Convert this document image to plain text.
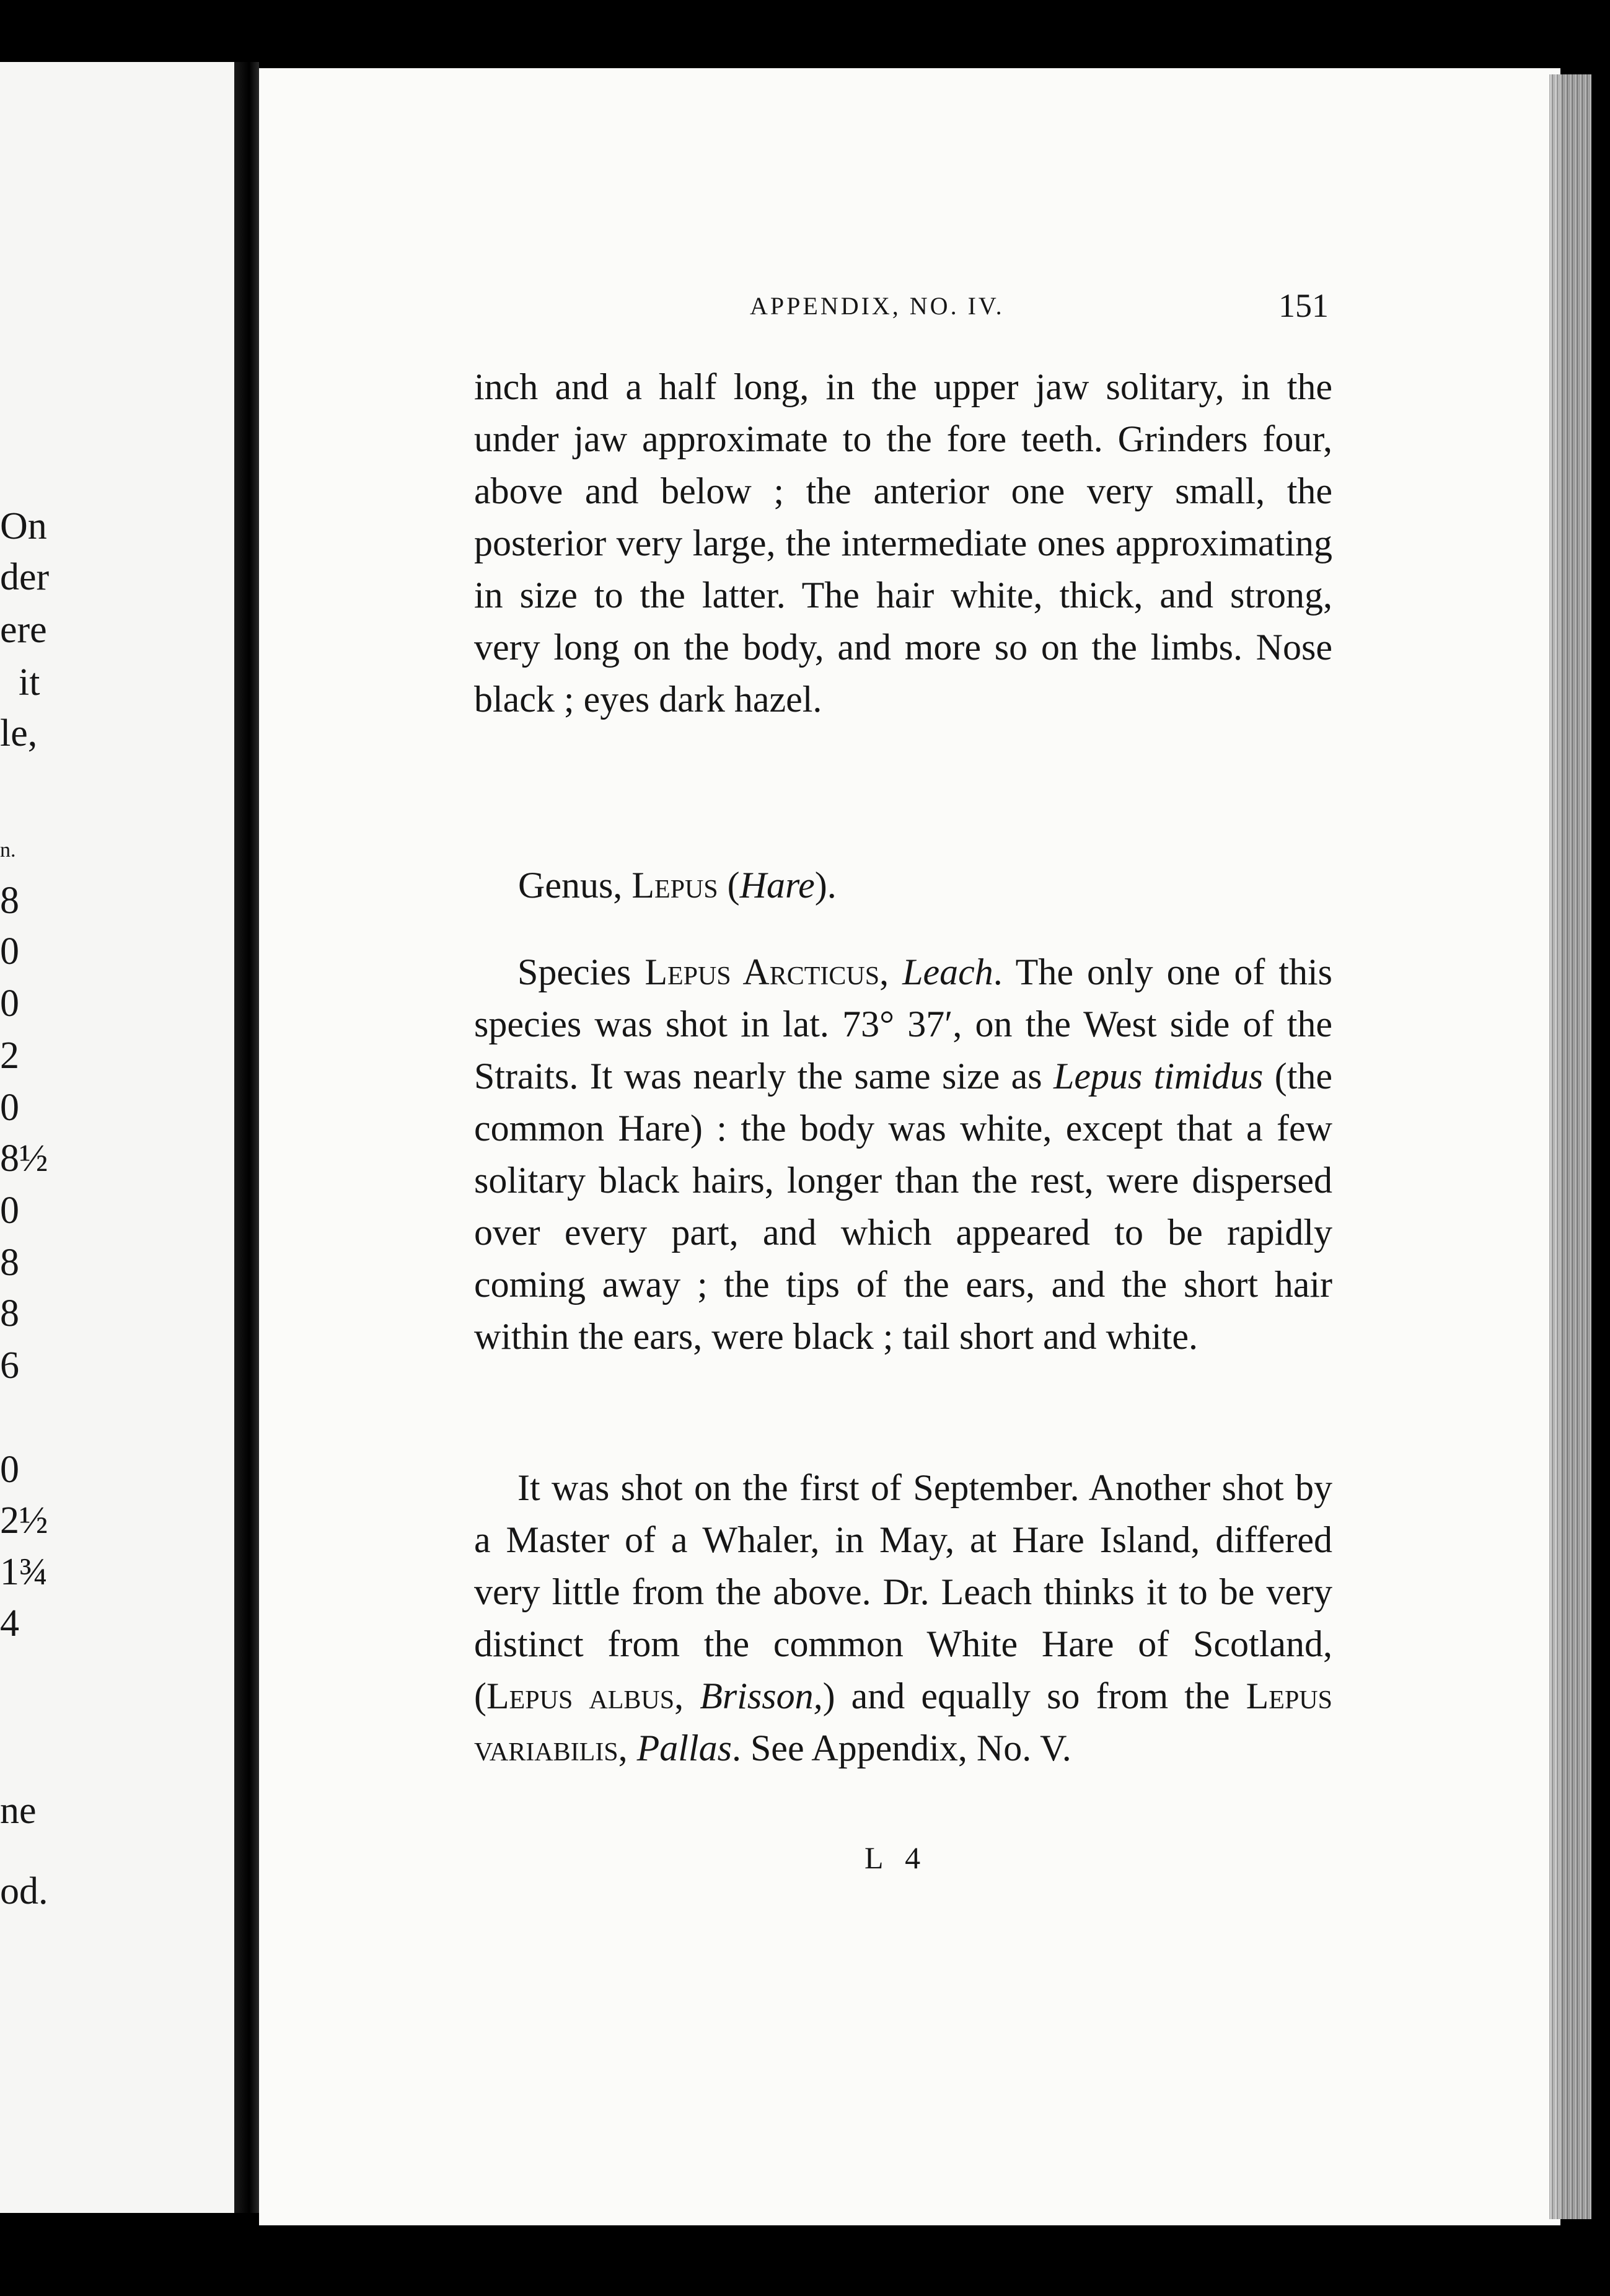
On
der
ere
it
le,
n.
8
0
0
2
0
8½
0
8
8
6
0
2½
1¾
4
ne
od.
APPENDIX, NO. IV.	151

inch and a half long, in the upper jaw solitary, in the under jaw approximate to the fore teeth. Grinders four, above and below ; the anterior one very small, the posterior very large, the intermediate ones approximating in size to the latter. The hair white, thick, and strong, very long on the body, and more so on the limbs. Nose black ; eyes dark hazel.

Genus, Lepus (Hare).

Species Lepus Arcticus, Leach. The only one of this species was shot in lat. 73° 37′, on the West side of the Straits. It was nearly the same size as Lepus timidus (the common Hare) : the body was white, except that a few solitary black hairs, longer than the rest, were dispersed over every part, and which appeared to be rapidly coming away ; the tips of the ears, and the short hair within the ears, were black ; tail short and white.

It was shot on the first of September. Another shot by a Master of a Whaler, in May, at Hare Island, differed very little from the above. Dr. Leach thinks it to be very distinct from the common White Hare of Scotland, (Lepus albus, Brisson,) and equally so from the Lepus variabilis, Pallas. See Appendix, No. V.

L 4
